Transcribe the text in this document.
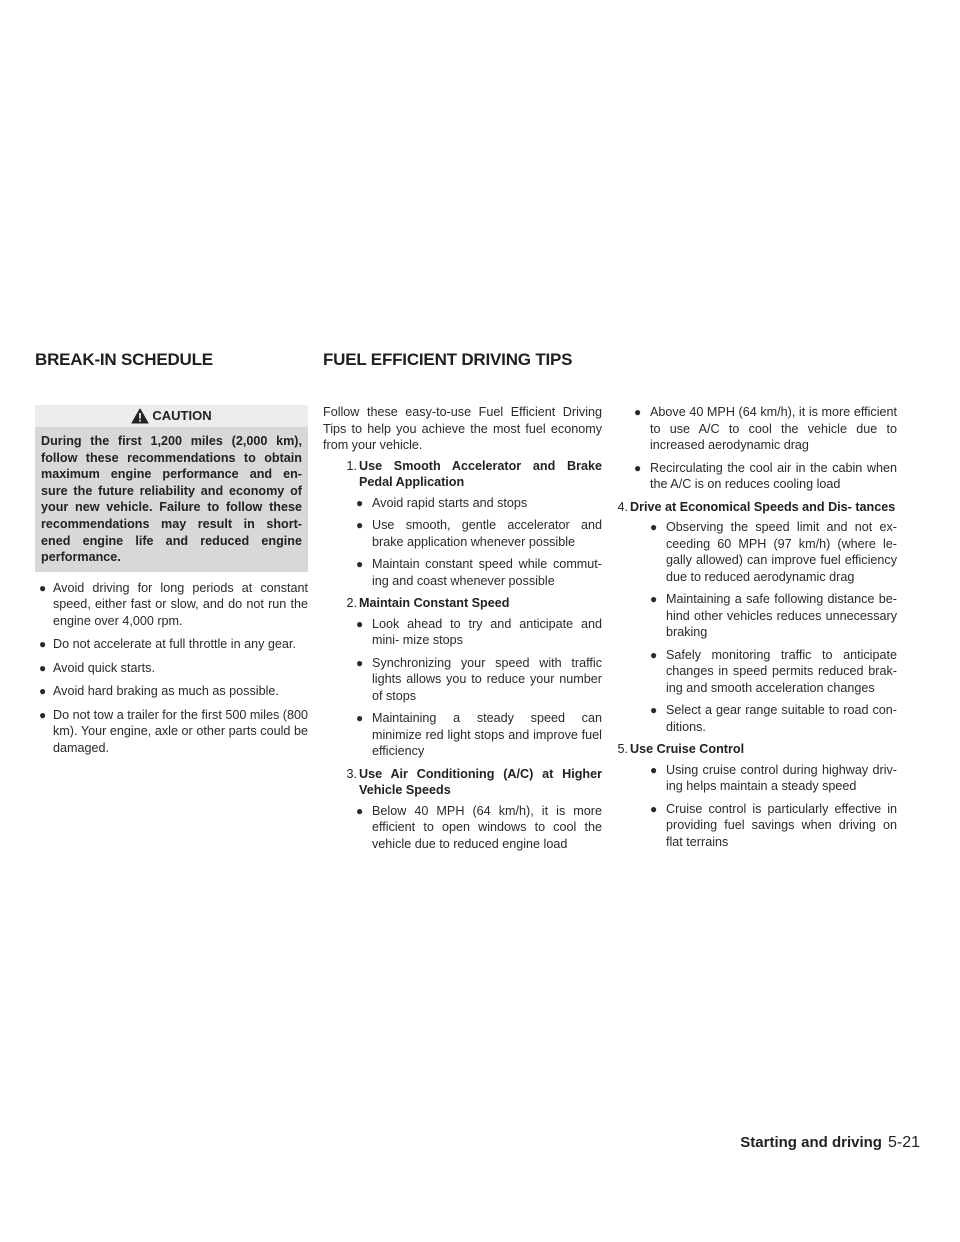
BREAK-IN SCHEDULE	FUEL EFFICIENT DRIVING TIPS
CAUTION
During the first 1,200 miles (2,000 km), follow these recommendations to obtain maximum engine performance and en- sure the future reliability and economy of your new vehicle. Failure to follow these recommendations may result in short- ened engine life and reduced engine performance.
● Avoid driving for long periods at constant speed, either fast or slow, and do not run the engine over 4,000 rpm.
● Do not accelerate at full throttle in any gear.
● Avoid quick starts.
● Avoid hard braking as much as possible.
● Do not tow a trailer for the first 500 miles (800 km). Your engine, axle or other parts could be damaged.

Follow these easy-to-use Fuel Efficient Driving Tips to help you achieve the most fuel economy from your vehicle.

1. Use Smooth Accelerator and Brake Pedal Application
● Avoid rapid starts and stops
● Use smooth, gentle accelerator and brake application whenever possible
● Maintain constant speed while commut- ing and coast whenever possible
2. Maintain Constant Speed
● Look ahead to try and anticipate and mini- mize stops
● Synchronizing your speed with traffic lights allows you to reduce your number of stops
● Maintaining a steady speed can minimize red light stops and improve fuel efficiency
3. Use Air Conditioning (A/C) at Higher Vehicle Speeds
● Below 40 MPH (64 km/h), it is more efficient to open windows to cool the vehicle due to reduced engine load
● Above 40 MPH (64 km/h), it is more efficient to use A/C to cool the vehicle due to increased aerodynamic drag
● Recirculating the cool air in the cabin when the A/C is on reduces cooling load
4. Drive at Economical Speeds and Dis- tances
● Observing the speed limit and not ex- ceeding 60 MPH (97 km/h) (where le- gally allowed) can improve fuel efficiency due to reduced aerodynamic drag
● Maintaining a safe following distance be- hind other vehicles reduces unnecessary braking
● Safely monitoring traffic to anticipate changes in speed permits reduced brak- ing and smooth acceleration changes
● Select a gear range suitable to road con- ditions.
5. Use Cruise Control
● Using cruise control during highway driv- ing helps maintain a steady speed
● Cruise control is particularly effective in providing fuel savings when driving on flat terrains
Starting and driving 5-21
